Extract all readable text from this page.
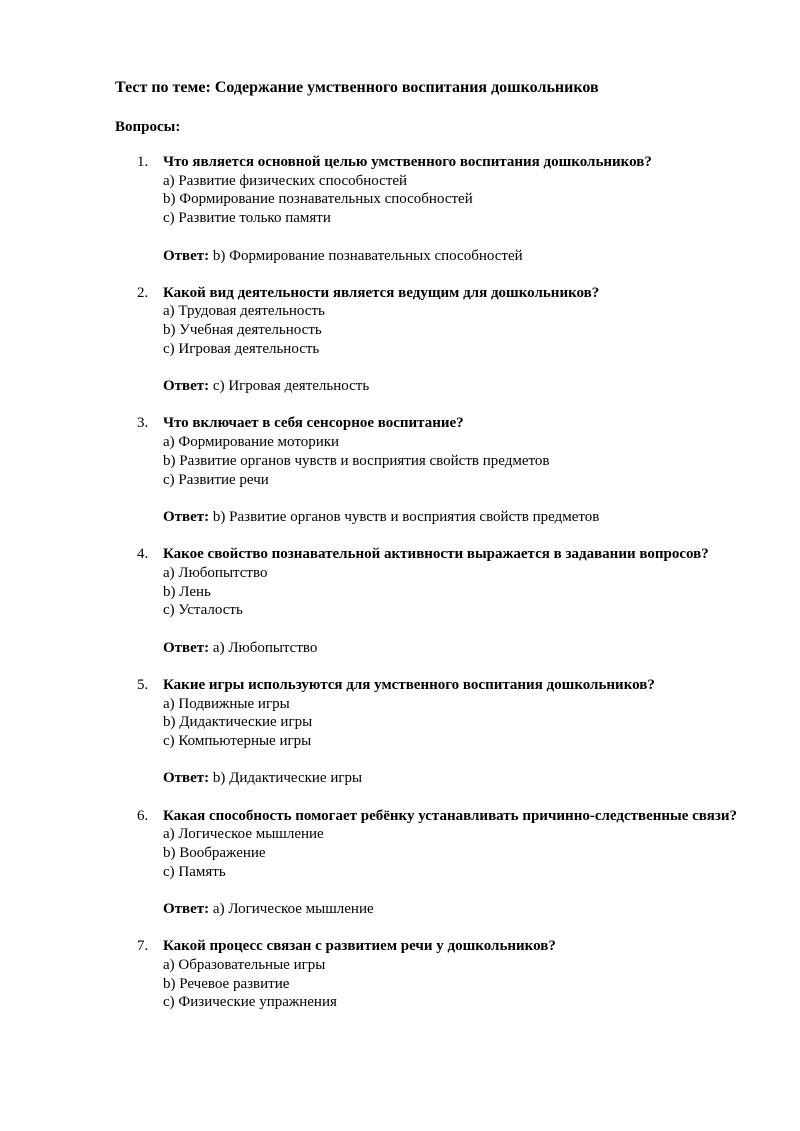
Тест по теме: Содержание умственного воспитания дошкольников
Вопросы:
1. Что является основной целью умственного воспитания дошкольников?
a) Развитие физических способностей
b) Формирование познавательных способностей
c) Развитие только памяти
Ответ: b) Формирование познавательных способностей
2. Какой вид деятельности является ведущим для дошкольников?
a) Трудовая деятельность
b) Учебная деятельность
c) Игровая деятельность
Ответ: c) Игровая деятельность
3. Что включает в себя сенсорное воспитание?
a) Формирование моторики
b) Развитие органов чувств и восприятия свойств предметов
c) Развитие речи
Ответ: b) Развитие органов чувств и восприятия свойств предметов
4. Какое свойство познавательной активности выражается в задавании вопросов?
a) Любопытство
b) Лень
c) Усталость
Ответ: a) Любопытство
5. Какие игры используются для умственного воспитания дошкольников?
a) Подвижные игры
b) Дидактические игры
c) Компьютерные игры
Ответ: b) Дидактические игры
6. Какая способность помогает ребёнку устанавливать причинно-следственные связи?
a) Логическое мышление
b) Воображение
c) Память
Ответ: a) Логическое мышление
7. Какой процесс связан с развитием речи у дошкольников?
a) Образовательные игры
b) Речевое развитие
c) Физические упражнения
